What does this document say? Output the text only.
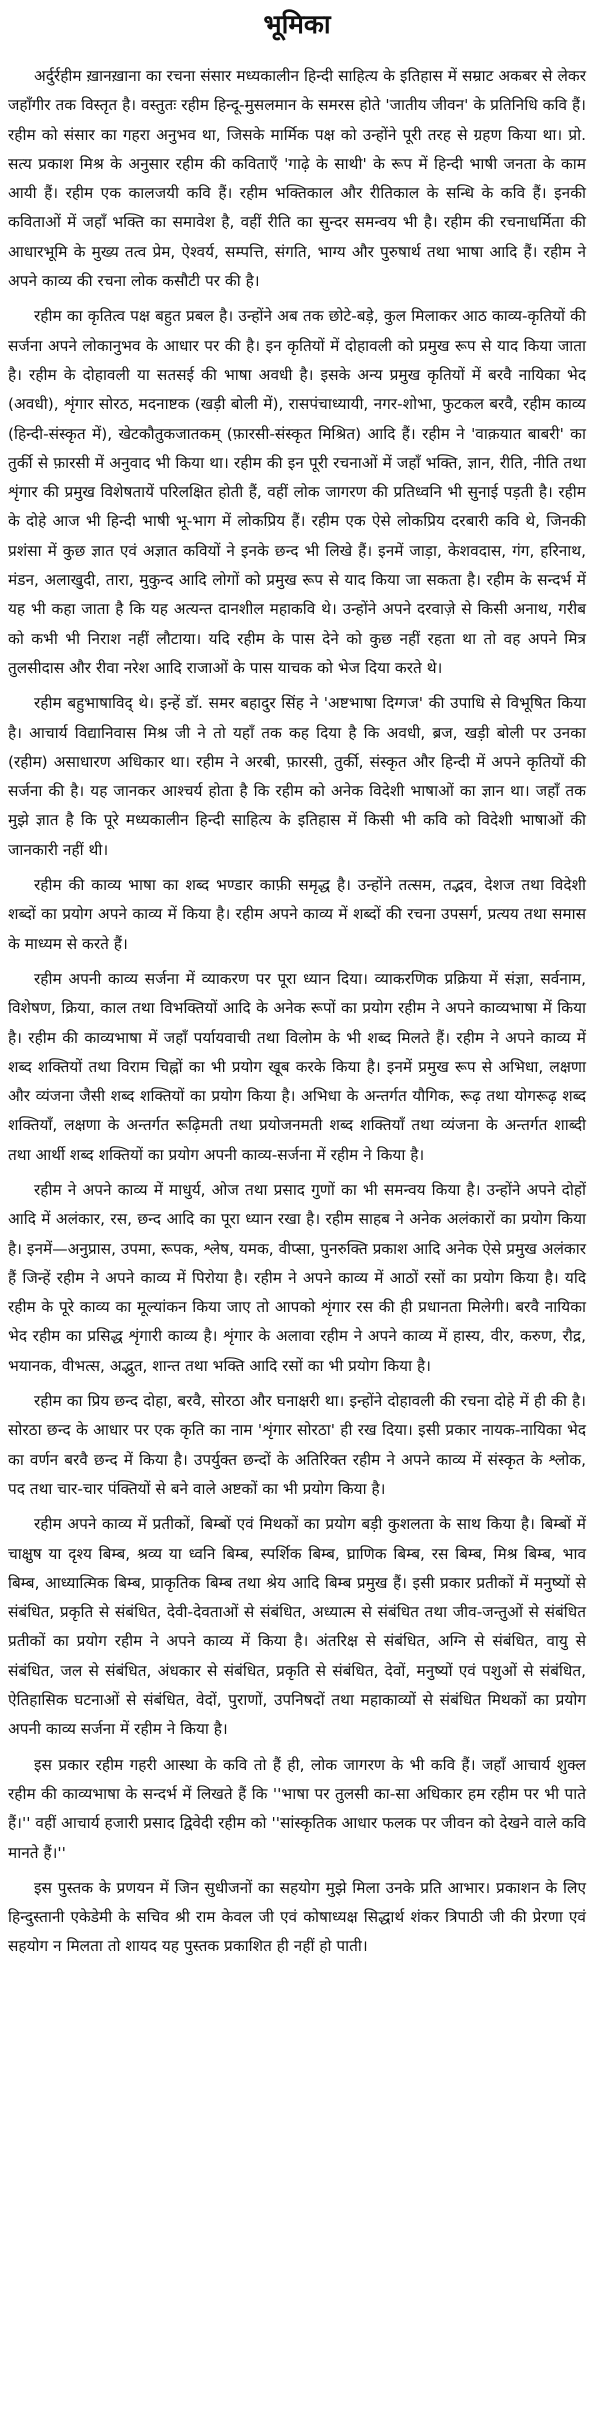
भूमिका

अर्दुर्रहीम ख़ानख़ाना का रचना संसार मध्यकालीन हिन्दी साहित्य के इतिहास में सम्राट अकबर से लेकर जहाँगीर तक विस्तृत है। वस्तुतः रहीम हिन्दू-मुसलमान के समरस होते 'जातीय जीवन' के प्रतिनिधि कवि हैं। रहीम को संसार का गहरा अनुभव था, जिसके मार्मिक पक्ष को उन्होंने पूरी तरह से ग्रहण किया था। प्रो. सत्य प्रकाश मिश्र के अनुसार रहीम की कविताएँ 'गाढ़े के साथी' के रूप में हिन्दी भाषी जनता के काम आयी हैं। रहीम एक कालजयी कवि हैं। रहीम भक्तिकाल और रीतिकाल के सन्धि के कवि हैं। इनकी कविताओं में जहाँ भक्ति का समावेश है, वहीं रीति का सुन्दर समन्वय भी है। रहीम की रचनाधर्मिता की आधारभूमि के मुख्य तत्व प्रेम, ऐश्वर्य, सम्पत्ति, संगति, भाग्य और पुरुषार्थ तथा भाषा आदि हैं। रहीम ने अपने काव्य की रचना लोक कसौटी पर की है।

रहीम का कृतित्व पक्ष बहुत प्रबल है। उन्होंने अब तक छोटे-बड़े, कुल मिलाकर आठ काव्य-कृतियों की सर्जना अपने लोकानुभव के आधार पर की है। इन कृतियों में दोहावली को प्रमुख रूप से याद किया जाता है। रहीम के दोहावली या सतसई की भाषा अवधी है। इसके अन्य प्रमुख कृतियों में बरवै नायिका भेद (अवधी), शृंगार सोरठ, मदनाष्टक (खड़ी बोली में), रासपंचाध्यायी, नगर-शोभा, फुटकल बरवै, रहीम काव्य (हिन्दी-संस्कृत में), खेटकौतुकजातकम् (फ़ारसी-संस्कृत मिश्रित) आदि हैं। रहीम ने 'वाक़यात बाबरी' का तुर्की से फ़ारसी में अनुवाद भी किया था। रहीम की इन पूरी रचनाओं में जहाँ भक्ति, ज्ञान, रीति, नीति तथा शृंगार की प्रमुख विशेषतायें परिलक्षित होती हैं, वहीं लोक जागरण की प्रतिध्वनि भी सुनाई पड़ती है। रहीम के दोहे आज भी हिन्दी भाषी भू-भाग में लोकप्रिय हैं। रहीम एक ऐसे लोकप्रिय दरबारी कवि थे, जिनकी प्रशंसा में कुछ ज्ञात एवं अज्ञात कवियों ने इनके छन्द भी लिखे हैं। इनमें जाड़ा, केशवदास, गंग, हरिनाथ, मंडन, अलाखुदी, तारा, मुकुन्द आदि लोगों को प्रमुख रूप से याद किया जा सकता है। रहीम के सन्दर्भ में यह भी कहा जाता है कि यह अत्यन्त दानशील महाकवि थे। उन्होंने अपने दरवाज़े से किसी अनाथ, गरीब को कभी भी निराश नहीं लौटाया। यदि रहीम के पास देने को कुछ नहीं रहता था तो वह अपने मित्र तुलसीदास और रीवा नरेश आदि राजाओं के पास याचक को भेज दिया करते थे।

रहीम बहुभाषाविद् थे। इन्हें डॉ. समर बहादुर सिंह ने 'अष्टभाषा दिग्गज' की उपाधि से विभूषित किया है। आचार्य विद्यानिवास मिश्र जी ने तो यहाँ तक कह दिया है कि अवधी, ब्रज, खड़ी बोली पर उनका (रहीम) असाधारण अधिकार था। रहीम ने अरबी, फ़ारसी, तुर्की, संस्कृत और हिन्दी में अपने कृतियों की सर्जना की है। यह जानकर आश्चर्य होता है कि रहीम को अनेक विदेशी भाषाओं का ज्ञान था। जहाँ तक मुझे ज्ञात है कि पूरे मध्यकालीन हिन्दी साहित्य के इतिहास में किसी भी कवि को विदेशी भाषाओं की जानकारी नहीं थी।

रहीम की काव्य भाषा का शब्द भण्डार काफ़ी समृद्ध है। उन्होंने तत्सम, तद्भव, देशज तथा विदेशी शब्दों का प्रयोग अपने काव्य में किया है। रहीम अपने काव्य में शब्दों की रचना उपसर्ग, प्रत्यय तथा समास के माध्यम से करते हैं।

रहीम अपनी काव्य सर्जना में व्याकरण पर पूरा ध्यान दिया। व्याकरणिक प्रक्रिया में संज्ञा, सर्वनाम, विशेषण, क्रिया, काल तथा विभक्तियों आदि के अनेक रूपों का प्रयोग रहीम ने अपने काव्यभाषा में किया है। रहीम की काव्यभाषा में जहाँ पर्यायवाची तथा विलोम के भी शब्द मिलते हैं। रहीम ने अपने काव्य में शब्द शक्तियों तथा विराम चिह्नों का भी प्रयोग खूब करके किया है। इनमें प्रमुख रूप से अभिधा, लक्षणा और व्यंजना जैसी शब्द शक्तियों का प्रयोग किया है। अभिधा के अन्तर्गत यौगिक, रूढ़ तथा योगरूढ़ शब्द शक्तियाँ, लक्षणा के अन्तर्गत रूढ़िमती तथा प्रयोजनमती शब्द शक्तियाँ तथा व्यंजना के अन्तर्गत शाब्दी तथा आर्थी शब्द शक्तियों का प्रयोग अपनी काव्य-सर्जना में रहीम ने किया है।

रहीम ने अपने काव्य में माधुर्य, ओज तथा प्रसाद गुणों का भी समन्वय किया है। उन्होंने अपने दोहों आदि में अलंकार, रस, छन्द आदि का पूरा ध्यान रखा है। रहीम साहब ने अनेक अलंकारों का प्रयोग किया है। इनमें—अनुप्रास, उपमा, रूपक, श्लेष, यमक, वीप्सा, पुनरुक्ति प्रकाश आदि अनेक ऐसे प्रमुख अलंकार हैं जिन्हें रहीम ने अपने काव्य में पिरोया है। रहीम ने अपने काव्य में आठों रसों का प्रयोग किया है। यदि रहीम के पूरे काव्य का मूल्यांकन किया जाए तो आपको शृंगार रस की ही प्रधानता मिलेगी। बरवै नायिका भेद रहीम का प्रसिद्ध शृंगारी काव्य है। शृंगार के अलावा रहीम ने अपने काव्य में हास्य, वीर, करुण, रौद्र, भयानक, वीभत्स, अद्भुत, शान्त तथा भक्ति आदि रसों का भी प्रयोग किया है।

रहीम का प्रिय छन्द दोहा, बरवै, सोरठा और घनाक्षरी था। इन्होंने दोहावली की रचना दोहे में ही की है। सोरठा छन्द के आधार पर एक कृति का नाम 'शृंगार सोरठा' ही रख दिया। इसी प्रकार नायक-नायिका भेद का वर्णन बरवै छन्द में किया है। उपर्युक्त छन्दों के अतिरिक्त रहीम ने अपने काव्य में संस्कृत के श्लोक, पद तथा चार-चार पंक्तियों से बने वाले अष्टकों का भी प्रयोग किया है।

रहीम अपने काव्य में प्रतीकों, बिम्बों एवं मिथकों का प्रयोग बड़ी कुशलता के साथ किया है। बिम्बों में चाक्षुष या दृश्य बिम्ब, श्रव्य या ध्वनि बिम्ब, स्पर्शिक बिम्ब, घ्राणिक बिम्ब, रस बिम्ब, मिश्र बिम्ब, भाव बिम्ब, आध्यात्मिक बिम्ब, प्राकृतिक बिम्ब तथा श्रेय आदि बिम्ब प्रमुख हैं। इसी प्रकार प्रतीकों में मनुष्यों से संबंधित, प्रकृति से संबंधित, देवी-देवताओं से संबंधित, अध्यात्म से संबंधित तथा जीव-जन्तुओं से संबंधित प्रतीकों का प्रयोग रहीम ने अपने काव्य में किया है। अंतरिक्ष से संबंधित, अग्नि से संबंधित, वायु से संबंधित, जल से संबंधित, अंधकार से संबंधित, प्रकृति से संबंधित, देवों, मनुष्यों एवं पशुओं से संबंधित, ऐतिहासिक घटनाओं से संबंधित, वेदों, पुराणों, उपनिषदों तथा महाकाव्यों से संबंधित मिथकों का प्रयोग अपनी काव्य सर्जना में रहीम ने किया है।

इस प्रकार रहीम गहरी आस्था के कवि तो हैं ही, लोक जागरण के भी कवि हैं। जहाँ आचार्य शुक्ल रहीम की काव्यभाषा के सन्दर्भ में लिखते हैं कि ''भाषा पर तुलसी का-सा अधिकार हम रहीम पर भी पाते हैं।'' वहीं आचार्य हजारी प्रसाद द्विवेदी रहीम को ''सांस्कृतिक आधार फलक पर जीवन को देखने वाले कवि मानते हैं।''

इस पुस्तक के प्रणयन में जिन सुधीजनों का सहयोग मुझे मिला उनके प्रति आभार। प्रकाशन के लिए हिन्दुस्तानी एकेडेमी के सचिव श्री राम केवल जी एवं कोषाध्यक्ष सिद्धार्थ शंकर त्रिपाठी जी की प्रेरणा एवं सहयोग न मिलता तो शायद यह पुस्तक प्रकाशित ही नहीं हो पाती।
